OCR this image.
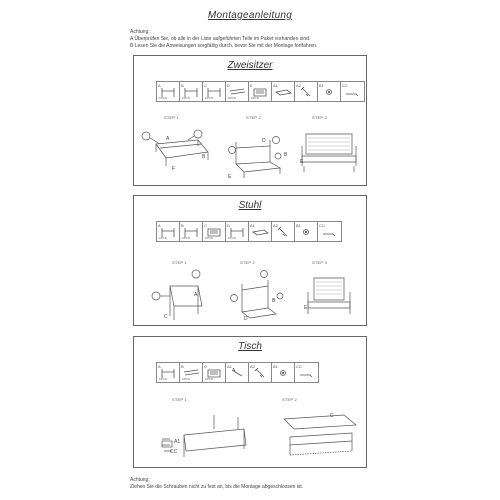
Montageanleitung
Achtung:
A Überprüfen Sie, ob alle in der Liste aufgeführten Teile im Paket vorhanden sind.
B Lesen Sie die Anweisungen sorgfältig durch, bevor Sie mit der Montage fortfahren.
Zweisitzer
A
1PCS
B
1PCS
C
1PCS
D
1PCS
E
1PCS
A1	A2	B1	CC
STEP 1	STEP 2	STEP 3
A
F
B
E
D
B
E
Stuhl
A
1PCS
B
1PCS
C
1PCS
D
1PCS
A1	A2	B1	CC
STEP 1	STEP 2	STEP 3
C
A
D
B
E
Tisch
A
1PCS
B
1PCS
C
1PCS
A1	A2	B1	CC
STEP 1	STEP 2
A1
CC
C
Achtung:
Ziehen Sie die Schrauben nicht zu fest an, bis die Montage abgeschlossen ist.
